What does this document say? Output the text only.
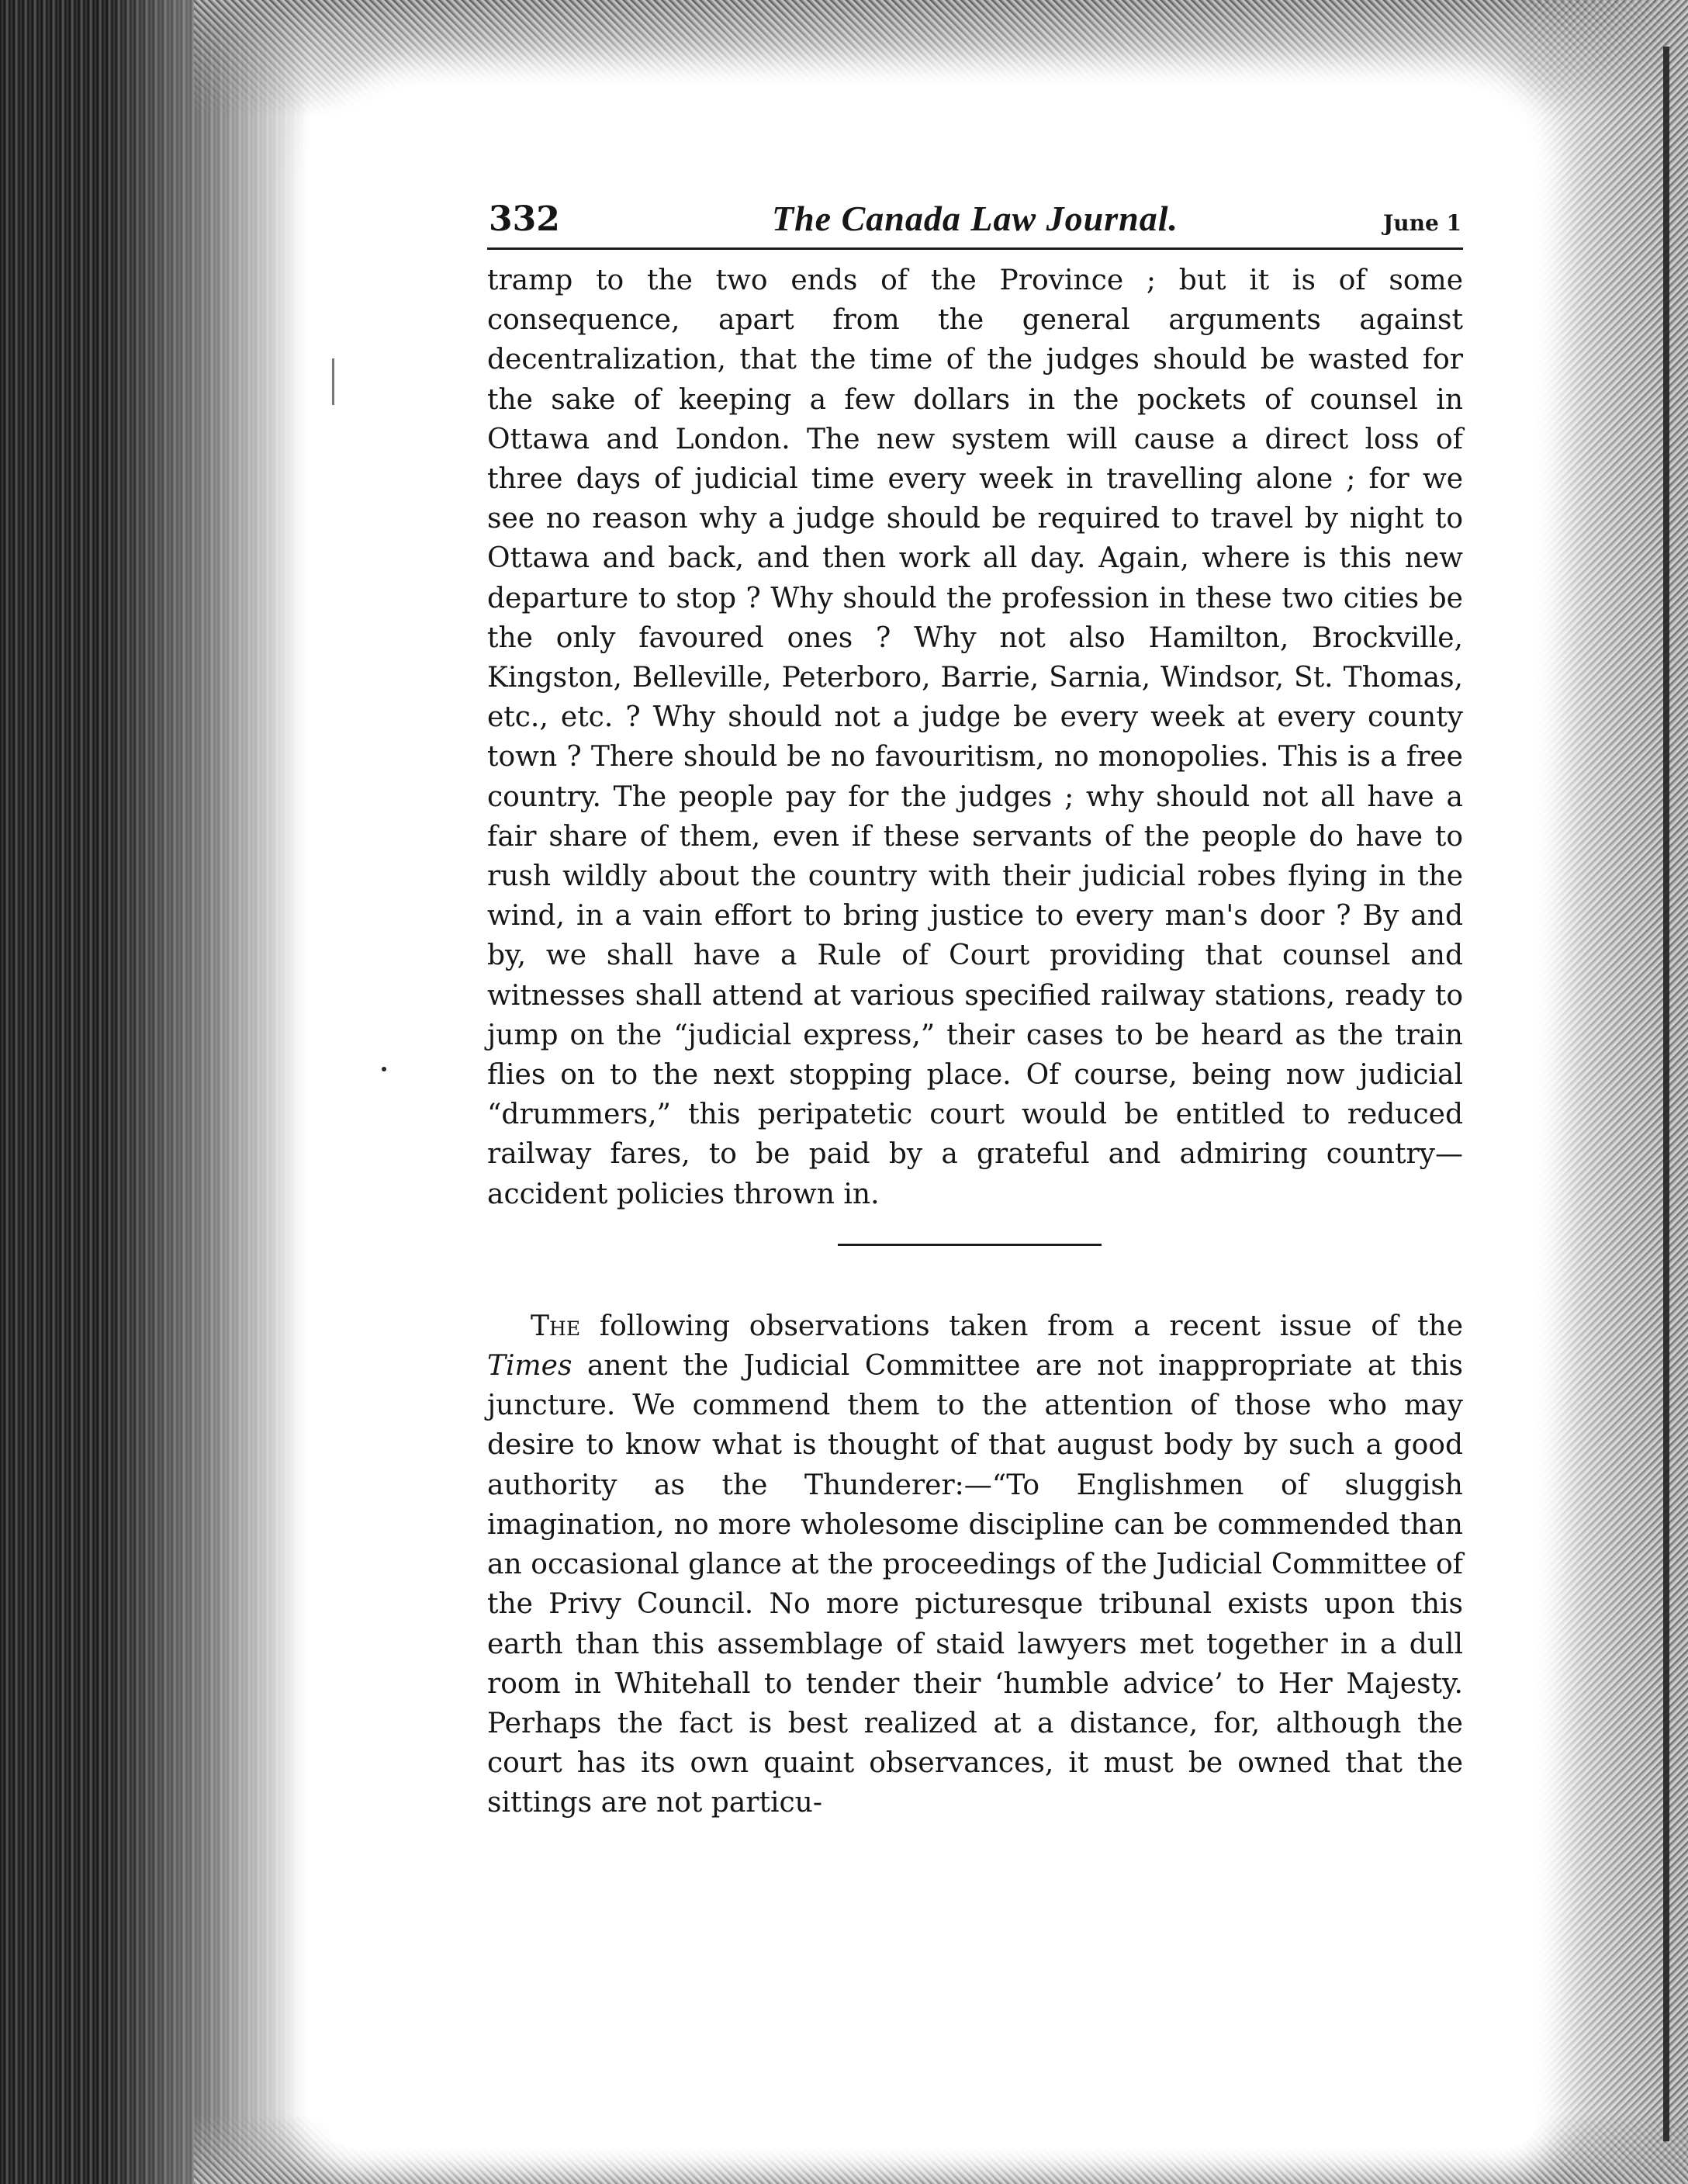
332	The Canada Law Journal.	June 1

tramp to the two ends of the Province ; but it is of some consequence, apart from the general arguments against decentralization, that the time of the judges should be wasted for the sake of keeping a few dollars in the pockets of counsel in Ottawa and London. The new system will cause a direct loss of three days of judicial time every week in travelling alone ; for we see no reason why a judge should be required to travel by night to Ottawa and back, and then work all day. Again, where is this new departure to stop ? Why should the profession in these two cities be the only favoured ones ? Why not also Hamilton, Brockville, Kingston, Belleville, Peterboro, Barrie, Sarnia, Windsor, St. Thomas, etc., etc. ? Why should not a judge be every week at every county town ? There should be no favouritism, no monopolies. This is a free country. The people pay for the judges ; why should not all have a fair share of them, even if these servants of the people do have to rush wildly about the country with their judicial robes flying in the wind, in a vain effort to bring justice to every man's door ? By and by, we shall have a Rule of Court providing that counsel and witnesses shall attend at various specified railway stations, ready to jump on the “judicial express,” their cases to be heard as the train flies on to the next stopping place. Of course, being now judicial “drummers,” this peripatetic court would be entitled to reduced railway fares, to be paid by a grateful and admiring country—accident policies thrown in.

The following observations taken from a recent issue of the Times anent the Judicial Committee are not inappropriate at this juncture. We commend them to the attention of those who may desire to know what is thought of that august body by such a good authority as the Thunderer:—“To Englishmen of sluggish imagination, no more wholesome discipline can be commended than an occasional glance at the proceedings of the Judicial Committee of the Privy Council. No more picturesque tribunal exists upon this earth than this assemblage of staid lawyers met together in a dull room in Whitehall to tender their ‘humble advice’ to Her Majesty. Perhaps the fact is best realized at a distance, for, although the court has its own quaint observances, it must be owned that the sittings are not particu-
